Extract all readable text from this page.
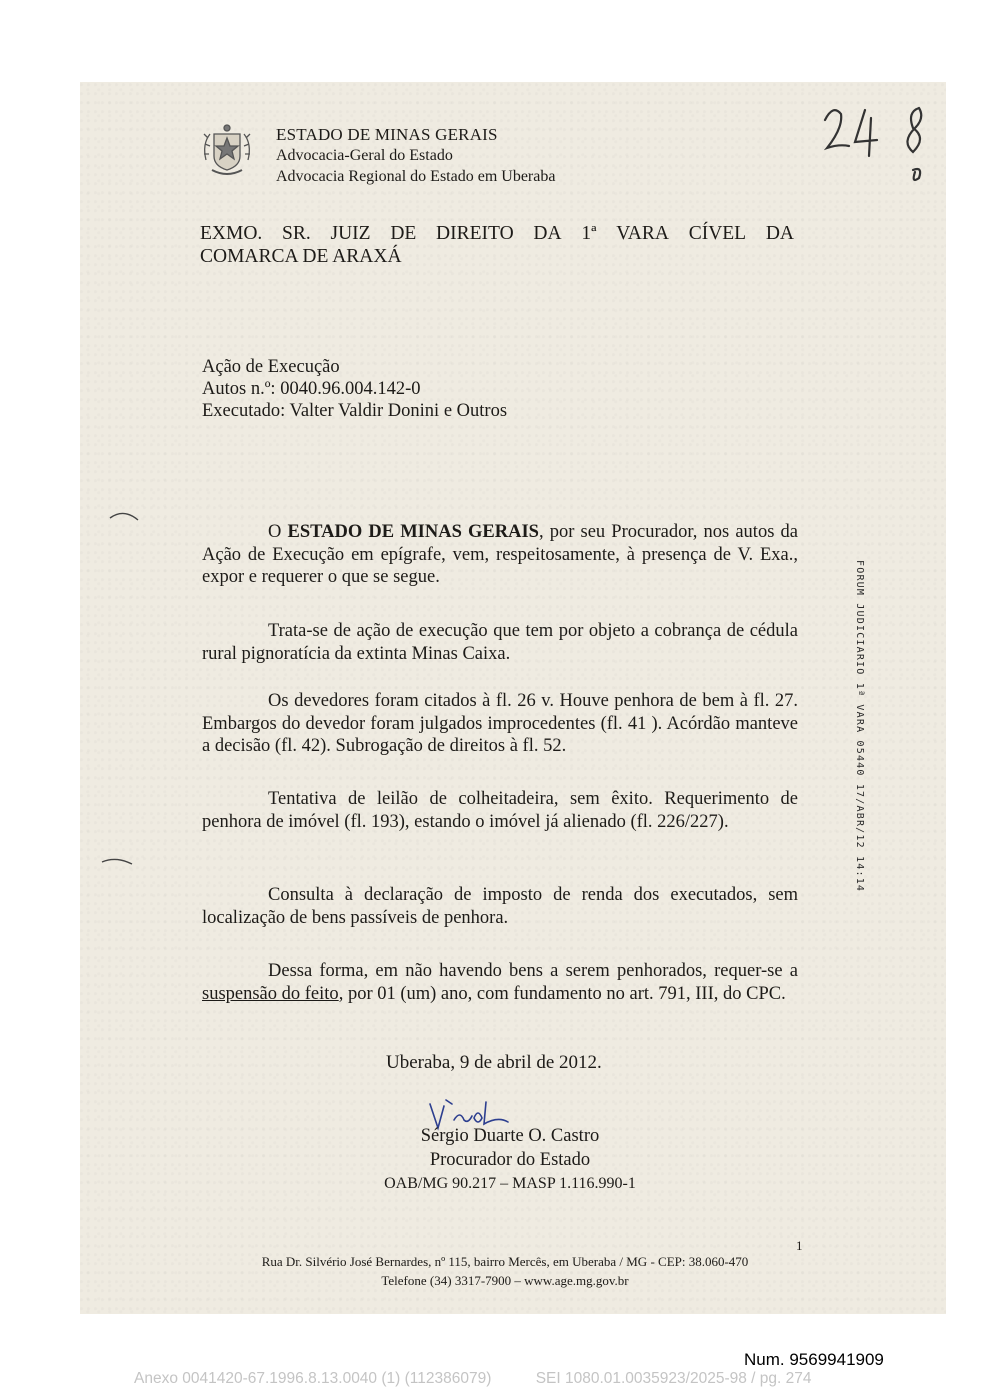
ESTADO DE MINAS GERAIS
Advocacia-Geral do Estado
Advocacia Regional do Estado em Uberaba
EXMO. SR. JUIZ DE DIREITO DA 1ª VARA CÍVEL DA
COMARCA DE ARAXÁ
Ação de Execução
Autos n.º: 0040.96.004.142-0
Executado: Valter Valdir Donini e Outros

O ESTADO DE MINAS GERAIS, por seu Procurador, nos autos da Ação de Execução em epígrafe, vem, respeitosamente, à presença de V. Exa., expor e requerer o que se segue.

Trata-se de ação de execução que tem por objeto a cobrança de cédula rural pignoratícia da extinta Minas Caixa.

Os devedores foram citados à fl. 26 v. Houve penhora de bem à fl. 27. Embargos do devedor foram julgados improcedentes (fl. 41 ). Acórdão manteve a decisão (fl. 42). Subrogação de direitos à fl. 52.

Tentativa de leilão de colheitadeira, sem êxito. Requerimento de penhora de imóvel (fl. 193), estando o imóvel já alienado (fl. 226/227).

Consulta à declaração de imposto de renda dos executados, sem localização de bens passíveis de penhora.

Dessa forma, em não havendo bens a serem penhorados, requer-se a suspensão do feito, por 01 (um) ano, com fundamento no art. 791, III, do CPC.

Uberaba, 9 de abril de 2012.
Sérgio Duarte O. Castro
Procurador do Estado
OAB/MG 90.217 – MASP 1.116.990-1
1
Rua Dr. Silvério José Bernardes, nº 115, bairro Mercês, em Uberaba / MG - CEP: 38.060-470
Telefone (34) 3317-7900 – www.age.mg.gov.br
FORUM JUDICIARIO 1ª VARA 05440 17/ABR/12 14:14
Num. 9569941909
Anexo 0041420-67.1996.8.13.0040 (1) (112386079)	SEI 1080.01.0035923/2025-98 / pg. 274
